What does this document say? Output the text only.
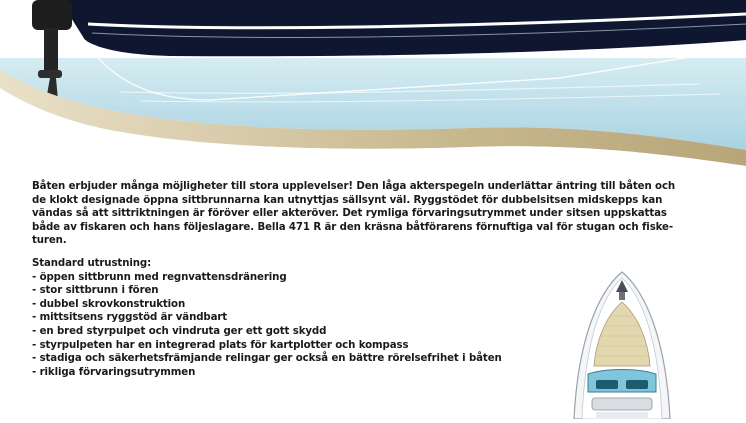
Båten erbjuder många möjligheter till stora upplevelser! Den låga akterspegeln underlättar äntring till båten och
de klokt designade öppna sittbrunnarna kan utnyttjas sällsynt väl. Ryggstödet för dubbelsitsen midskepps kan
vändas så att sittriktningen är föröver eller akteröver. Det rymliga förvaringsutrymmet under sitsen uppskattas
både av fiskaren och hans följeslagare. Bella 471 R är den kräsna båtförarens förnuftiga val för stugan och fiske-
turen.

Standard utrustning:
- öppen sittbrunn med regnvattensdränering
- stor sittbrunn i fören
- dubbel skrovkonstruktion
- mittsitsens ryggstöd är vändbart
- en bred styrpulpet och vindruta ger ett gott skydd
- styrpulpeten har en integrerad plats för kartplotter och kompass
- stadiga och säkerhetsfrämjande relingar ger också en bättre rörelsefrihet i båten
- rikliga förvaringsutrymmen
